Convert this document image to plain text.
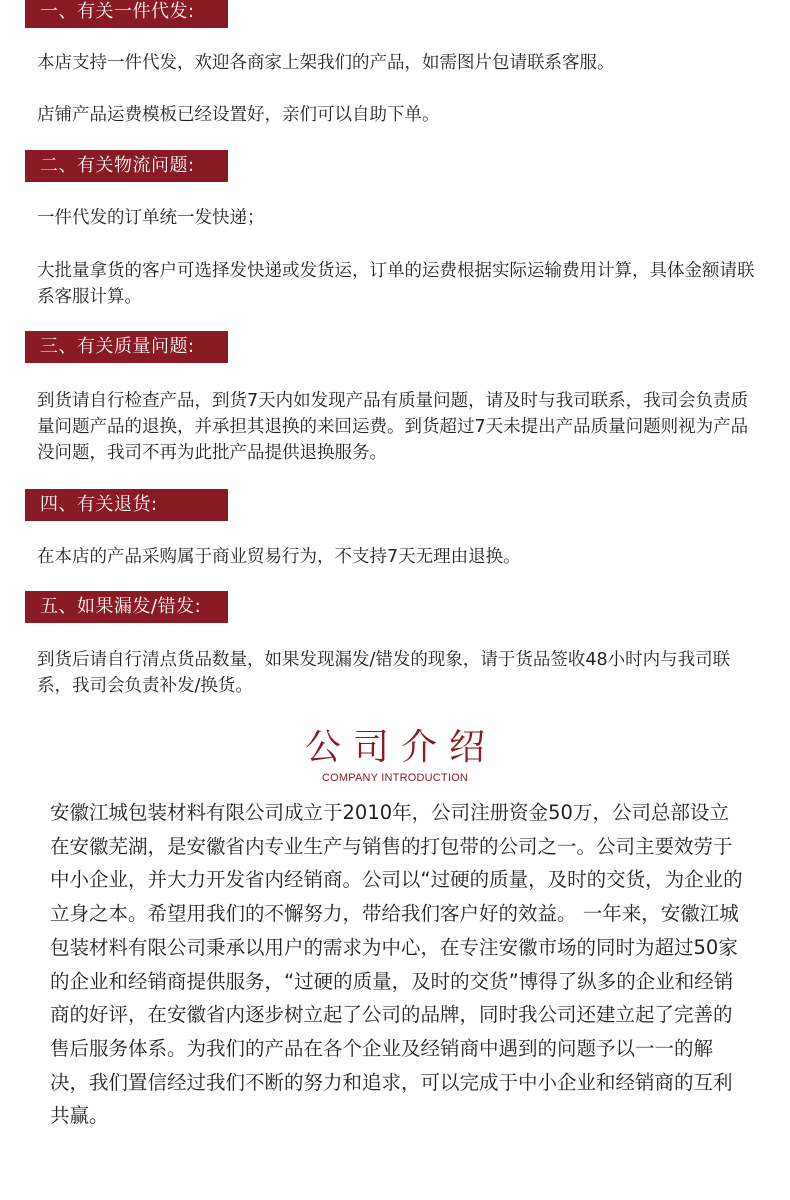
一、有关一件代发:

本店支持一件代发，欢迎各商家上架我们的产品，如需图片包请联系客服。

店铺产品运费模板已经设置好，亲们可以自助下单。

二、有关物流问题:

一件代发的订单统一发快递；

大批量拿货的客户可选择发快递或发货运，订单的运费根据实际运输费用计算，具体金额请联系客服计算。

三、有关质量问题:

到货请自行检查产品，到货7天内如发现产品有质量问题，请及时与我司联系，我司会负责质量问题产品的退换，并承担其退换的来回运费。到货超过7天未提出产品质量问题则视为产品没问题，我司不再为此批产品提供退换服务。

四、有关退货:

在本店的产品采购属于商业贸易行为，不支持7天无理由退换。

五、如果漏发/错发:

到货后请自行清点货品数量，如果发现漏发/错发的现象，请于货品签收48小时内与我司联系，我司会负责补发/换货。

公司介绍
COMPANY INTRODUCTION

安徽江城包装材料有限公司成立于2010年，公司注册资金50万，公司总部设立在安徽芜湖，是安徽省内专业生产与销售的打包带的公司之一。公司主要效劳于中小企业，并大力开发省内经销商。公司以“过硬的质量，及时的交货，为企业的立身之本。希望用我们的不懈努力，带给我们客户好的效益。 一年来，安徽江城包装材料有限公司秉承以用户的需求为中心，在专注安徽市场的同时为超过50家的企业和经销商提供服务，“过硬的质量，及时的交货”博得了纵多的企业和经销商的好评，在安徽省内逐步树立起了公司的品牌，同时我公司还建立起了完善的售后服务体系。为我们的产品在各个企业及经销商中遇到的问题予以一一的解决，我们置信经过我们不断的努力和追求，可以完成于中小企业和经销商的互利共赢。
